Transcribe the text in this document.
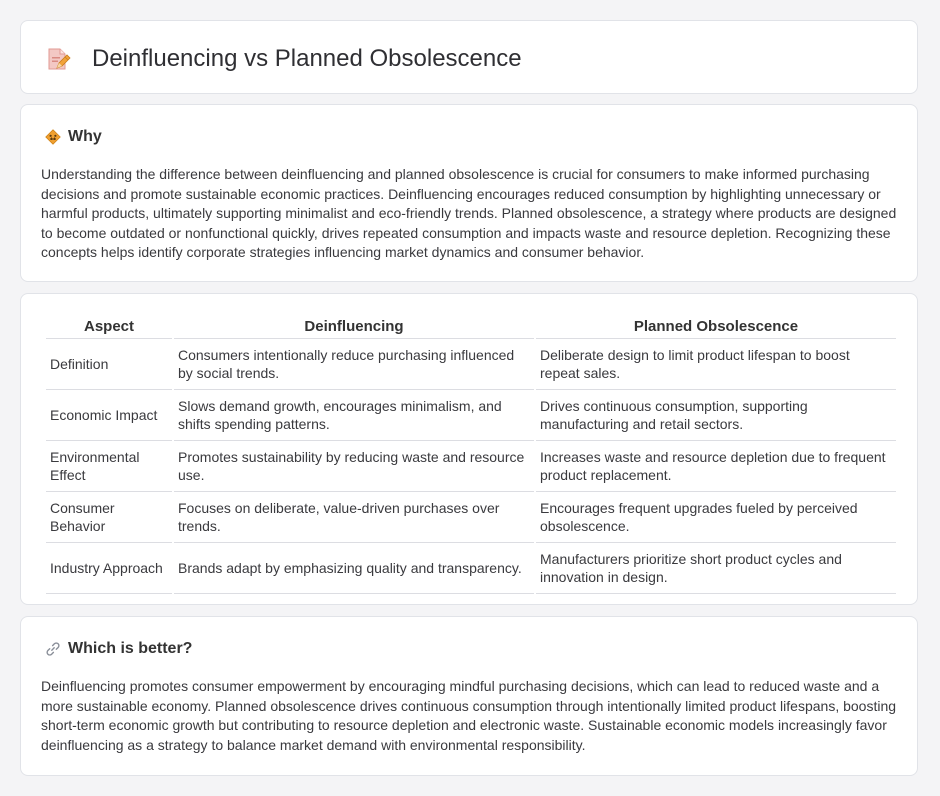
Deinfluencing vs Planned Obsolescence
Why

Understanding the difference between deinfluencing and planned obsolescence is crucial for consumers to make informed purchasing decisions and promote sustainable economic practices. Deinfluencing encourages reduced consumption by highlighting unnecessary or harmful products, ultimately supporting minimalist and eco-friendly trends. Planned obsolescence, a strategy where products are designed to become outdated or nonfunctional quickly, drives repeated consumption and impacts waste and resource depletion. Recognizing these concepts helps identify corporate strategies influencing market dynamics and consumer behavior.

Aspect	Deinfluencing	Planned Obsolescence
Definition	Consumers intentionally reduce purchasing influenced by social trends.	Deliberate design to limit product lifespan to boost repeat sales.
Economic Impact	Slows demand growth, encourages minimalism, and shifts spending patterns.	Drives continuous consumption, supporting manufacturing and retail sectors.
Environmental Effect	Promotes sustainability by reducing waste and resource use.	Increases waste and resource depletion due to frequent product replacement.
Consumer Behavior	Focuses on deliberate, value-driven purchases over trends.	Encourages frequent upgrades fueled by perceived obsolescence.
Industry Approach	Brands adapt by emphasizing quality and transparency.	Manufacturers prioritize short product cycles and innovation in design.
Which is better?

Deinfluencing promotes consumer empowerment by encouraging mindful purchasing decisions, which can lead to reduced waste and a more sustainable economy. Planned obsolescence drives continuous consumption through intentionally limited product lifespans, boosting short-term economic growth but contributing to resource depletion and electronic waste. Sustainable economic models increasingly favor deinfluencing as a strategy to balance market demand with environmental responsibility.
